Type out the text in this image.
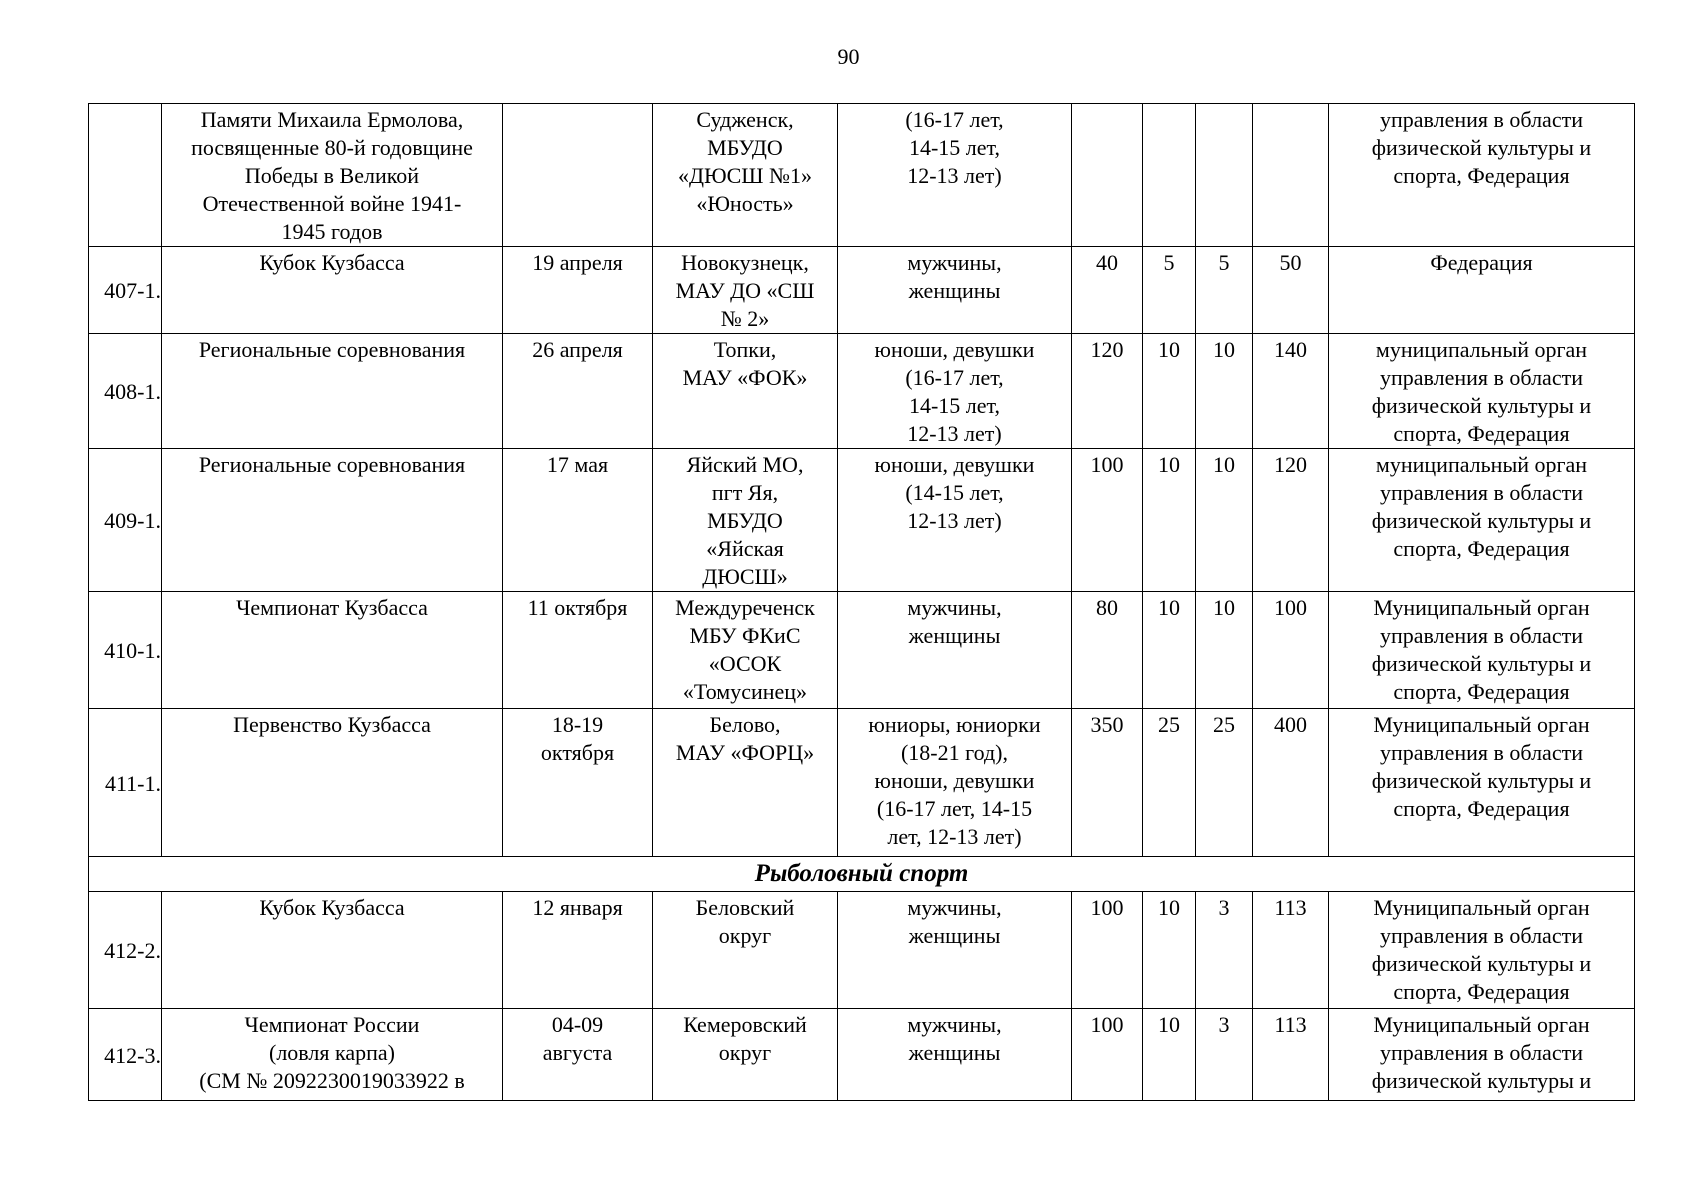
90
	Памяти Михаила Ермолова,
посвященные 80-й годовщине
Победы в Великой
Отечественной войне 1941-
1945 годов		Судженск,
МБУДО
«ДЮСШ №1»
«Юность»	(16-17 лет,
14-15 лет,
12-13 лет)					управления в области
физической культуры и
спорта, Федерация
407-1.	Кубок Кузбасса	19 апреля	Новокузнецк,
МАУ ДО «СШ
№ 2»	мужчины,
женщины	40	5	5	50	Федерация
408-1.	Региональные соревнования	26 апреля	Топки,
МАУ «ФОК»	юноши, девушки
(16-17 лет,
14-15 лет,
12-13 лет)	120	10	10	140	муниципальный орган
управления в области
физической культуры и
спорта, Федерация
409-1.	Региональные соревнования	17 мая	Яйский МО,
пгт Яя,
МБУДО
«Яйская
ДЮСШ»	юноши, девушки
(14-15 лет,
12-13 лет)	100	10	10	120	муниципальный орган
управления в области
физической культуры и
спорта, Федерация
410-1.	Чемпионат Кузбасса	11 октября	Междуреченск
МБУ ФКиС
«ОСОК
«Томусинец»	мужчины,
женщины	80	10	10	100	Муниципальный орган
управления в области
физической культуры и
спорта, Федерация
411-1.	Первенство Кузбасса	18-19
октября	Белово,
МАУ «ФОРЦ»	юниоры, юниорки
(18-21 год),
юноши, девушки
(16-17 лет, 14-15
лет, 12-13 лет)	350	25	25	400	Муниципальный орган
управления в области
физической культуры и
спорта, Федерация
Рыболовный спорт									
412-2.	Кубок Кузбасса	12 января	Беловский
округ	мужчины,
женщины	100	10	3	113	Муниципальный орган
управления в области
физической культуры и
спорта, Федерация
412-3.	Чемпионат России
(ловля карпа)
(СМ № 2092230019033922 в	04-09
августа	Кемеровский
округ	мужчины,
женщины	100	10	3	113	Муниципальный орган
управления в области
физической культуры и
